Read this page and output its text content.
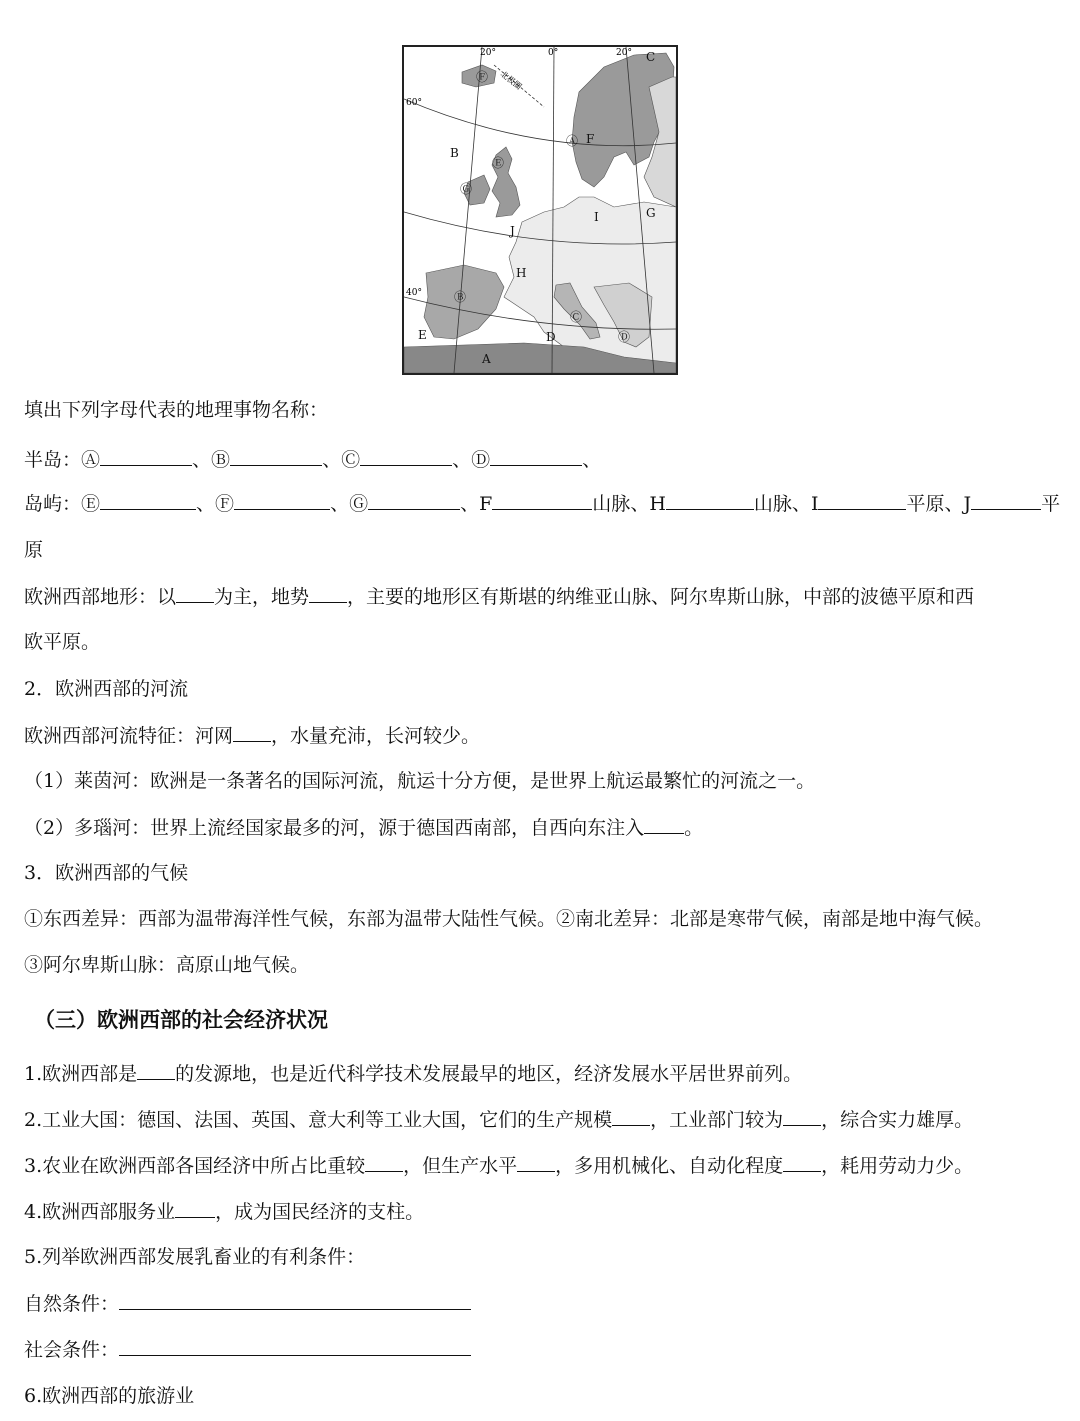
20°	0°	20°
60°
40°
北极圈
A
B
C
D
E
F
G
H
I
J
Ⓐ
Ⓑ
Ⓒ
Ⓓ
Ⓕ
Ⓔ
Ⓖ
填出下列字母代表的地理事物名称：
半岛：Ⓐ	、Ⓑ	、Ⓒ	、Ⓓ	、
岛屿：Ⓔ	、Ⓕ	、Ⓖ	、F	山脉、H	山脉、I	平原、J	平
原
欧洲西部地形：以 为主，地势 ，主要的地形区有斯堪的纳维亚山脉、阿尔卑斯山脉，中部的波德平原和西
欧平原。
2．欧洲西部的河流
欧洲西部河流特征：河网 ，水量充沛，长河较少。
（1）莱茵河：欧洲是一条著名的国际河流，航运十分方便，是世界上航运最繁忙的河流之一。
（2）多瑙河：世界上流经国家最多的河，源于德国西南部，自西向东注入 。
3．欧洲西部的气候
①东西差异：西部为温带海洋性气候，东部为温带大陆性气候。②南北差异：北部是寒带气候，南部是地中海气候。
③阿尔卑斯山脉：高原山地气候。
（三）欧洲西部的社会经济状况
1.欧洲西部是 的发源地，也是近代科学技术发展最早的地区，经济发展水平居世界前列。
2.工业大国：德国、法国、英国、意大利等工业大国，它们的生产规模 ，工业部门较为 ，综合实力雄厚。
3.农业在欧洲西部各国经济中所占比重较 ，但生产水平 ，多用机械化、自动化程度 ，耗用劳动力少。
4.欧洲西部服务业 ，成为国民经济的支柱。
5.列举欧洲西部发展乳畜业的有利条件：
自然条件：
社会条件：
6.欧洲西部的旅游业
